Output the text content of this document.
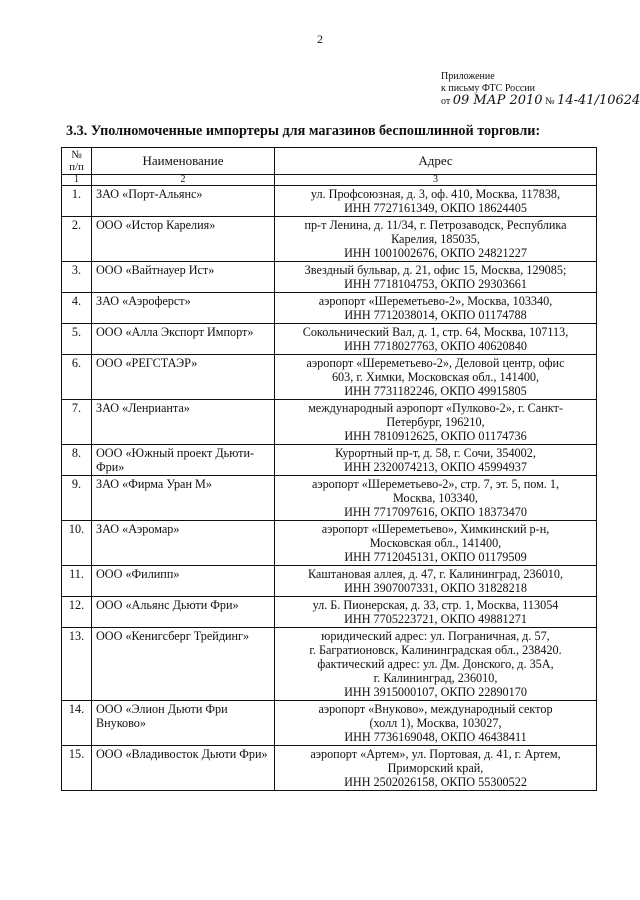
2
Приложение
к письму ФТС России
от 09 МАР 2010 № 14-41/10624
3.3. Уполномоченные импортеры для магазинов беспошлинной торговли:
№
п/п	Наименование	Адрес
1	2	3
1.	ЗАО «Порт-Альянс»	ул. Профсоюзная, д. 3, оф. 410, Москва, 117838,
ИНН 7727161349, ОКПО 18624405

2.	ООО «Истор Карелия»	пр-т Ленина, д. 11/34, г. Петрозаводск, Республика
Карелия, 185035,
ИНН 1001002676, ОКПО 24821227

3.	ООО «Вайтнауер Ист»	Звездный бульвар, д. 21, офис 15, Москва, 129085;
ИНН 7718104753, ОКПО 29303661

4.	ЗАО «Аэроферст»	аэропорт «Шереметьево-2», Москва, 103340,
ИНН 7712038014, ОКПО 01174788

5.	ООО «Алла Экспорт Импорт»	Сокольнический Вал, д. 1, стр. 64, Москва, 107113,
ИНН 7718027763, ОКПО 40620840

6.	ООО «РЕГСТАЭР»	аэропорт «Шереметьево-2», Деловой центр, офис
603, г. Химки, Московская обл., 141400,
ИНН 7731182246, ОКПО 49915805

7.	ЗАО «Ленрианта»	международный аэропорт «Пулково-2», г. Санкт-
Петербург, 196210,
ИНН 7810912625, ОКПО 01174736

8.	ООО «Южный проект Дьюти-Фри»	Курортный пр-т, д. 58, г. Сочи, 354002,
ИНН 2320074213, ОКПО 45994937

9.	ЗАО «Фирма Уран М»	аэропорт «Шереметьево-2», стр. 7, эт. 5, пом. 1,
Москва, 103340,
ИНН 7717097616, ОКПО 18373470

10.	ЗАО «Аэромар»	аэропорт «Шереметьево», Химкинский р-н,
Московская обл., 141400,
ИНН 7712045131, ОКПО 01179509

11.	ООО «Филипп»	Каштановая аллея, д. 47, г. Калининград, 236010,
ИНН 3907007331, ОКПО 31828218

12.	ООО «Альянс Дьюти Фри»	ул. Б. Пионерская, д. 33, стр. 1, Москва, 113054
ИНН 7705223721, ОКПО 49881271

13.	ООО «Кенигсберг Трейдинг»	юридический адрес: ул. Пограничная, д. 57,
г. Багратионовск, Калининградская обл., 238420.
фактический адрес: ул. Дм. Донского, д. 35А,
г. Калининград, 236010,
ИНН 3915000107, ОКПО 22890170

14.	ООО «Элион Дьюти Фри Внуково»	аэропорт «Внуково», международный сектор
(холл 1), Москва, 103027,
ИНН 7736169048, ОКПО 46438411

15.	ООО «Владивосток Дьюти Фри»	аэропорт «Артем», ул. Портовая, д. 41, г. Артем,
Приморский край,
ИНН 2502026158, ОКПО 55300522
